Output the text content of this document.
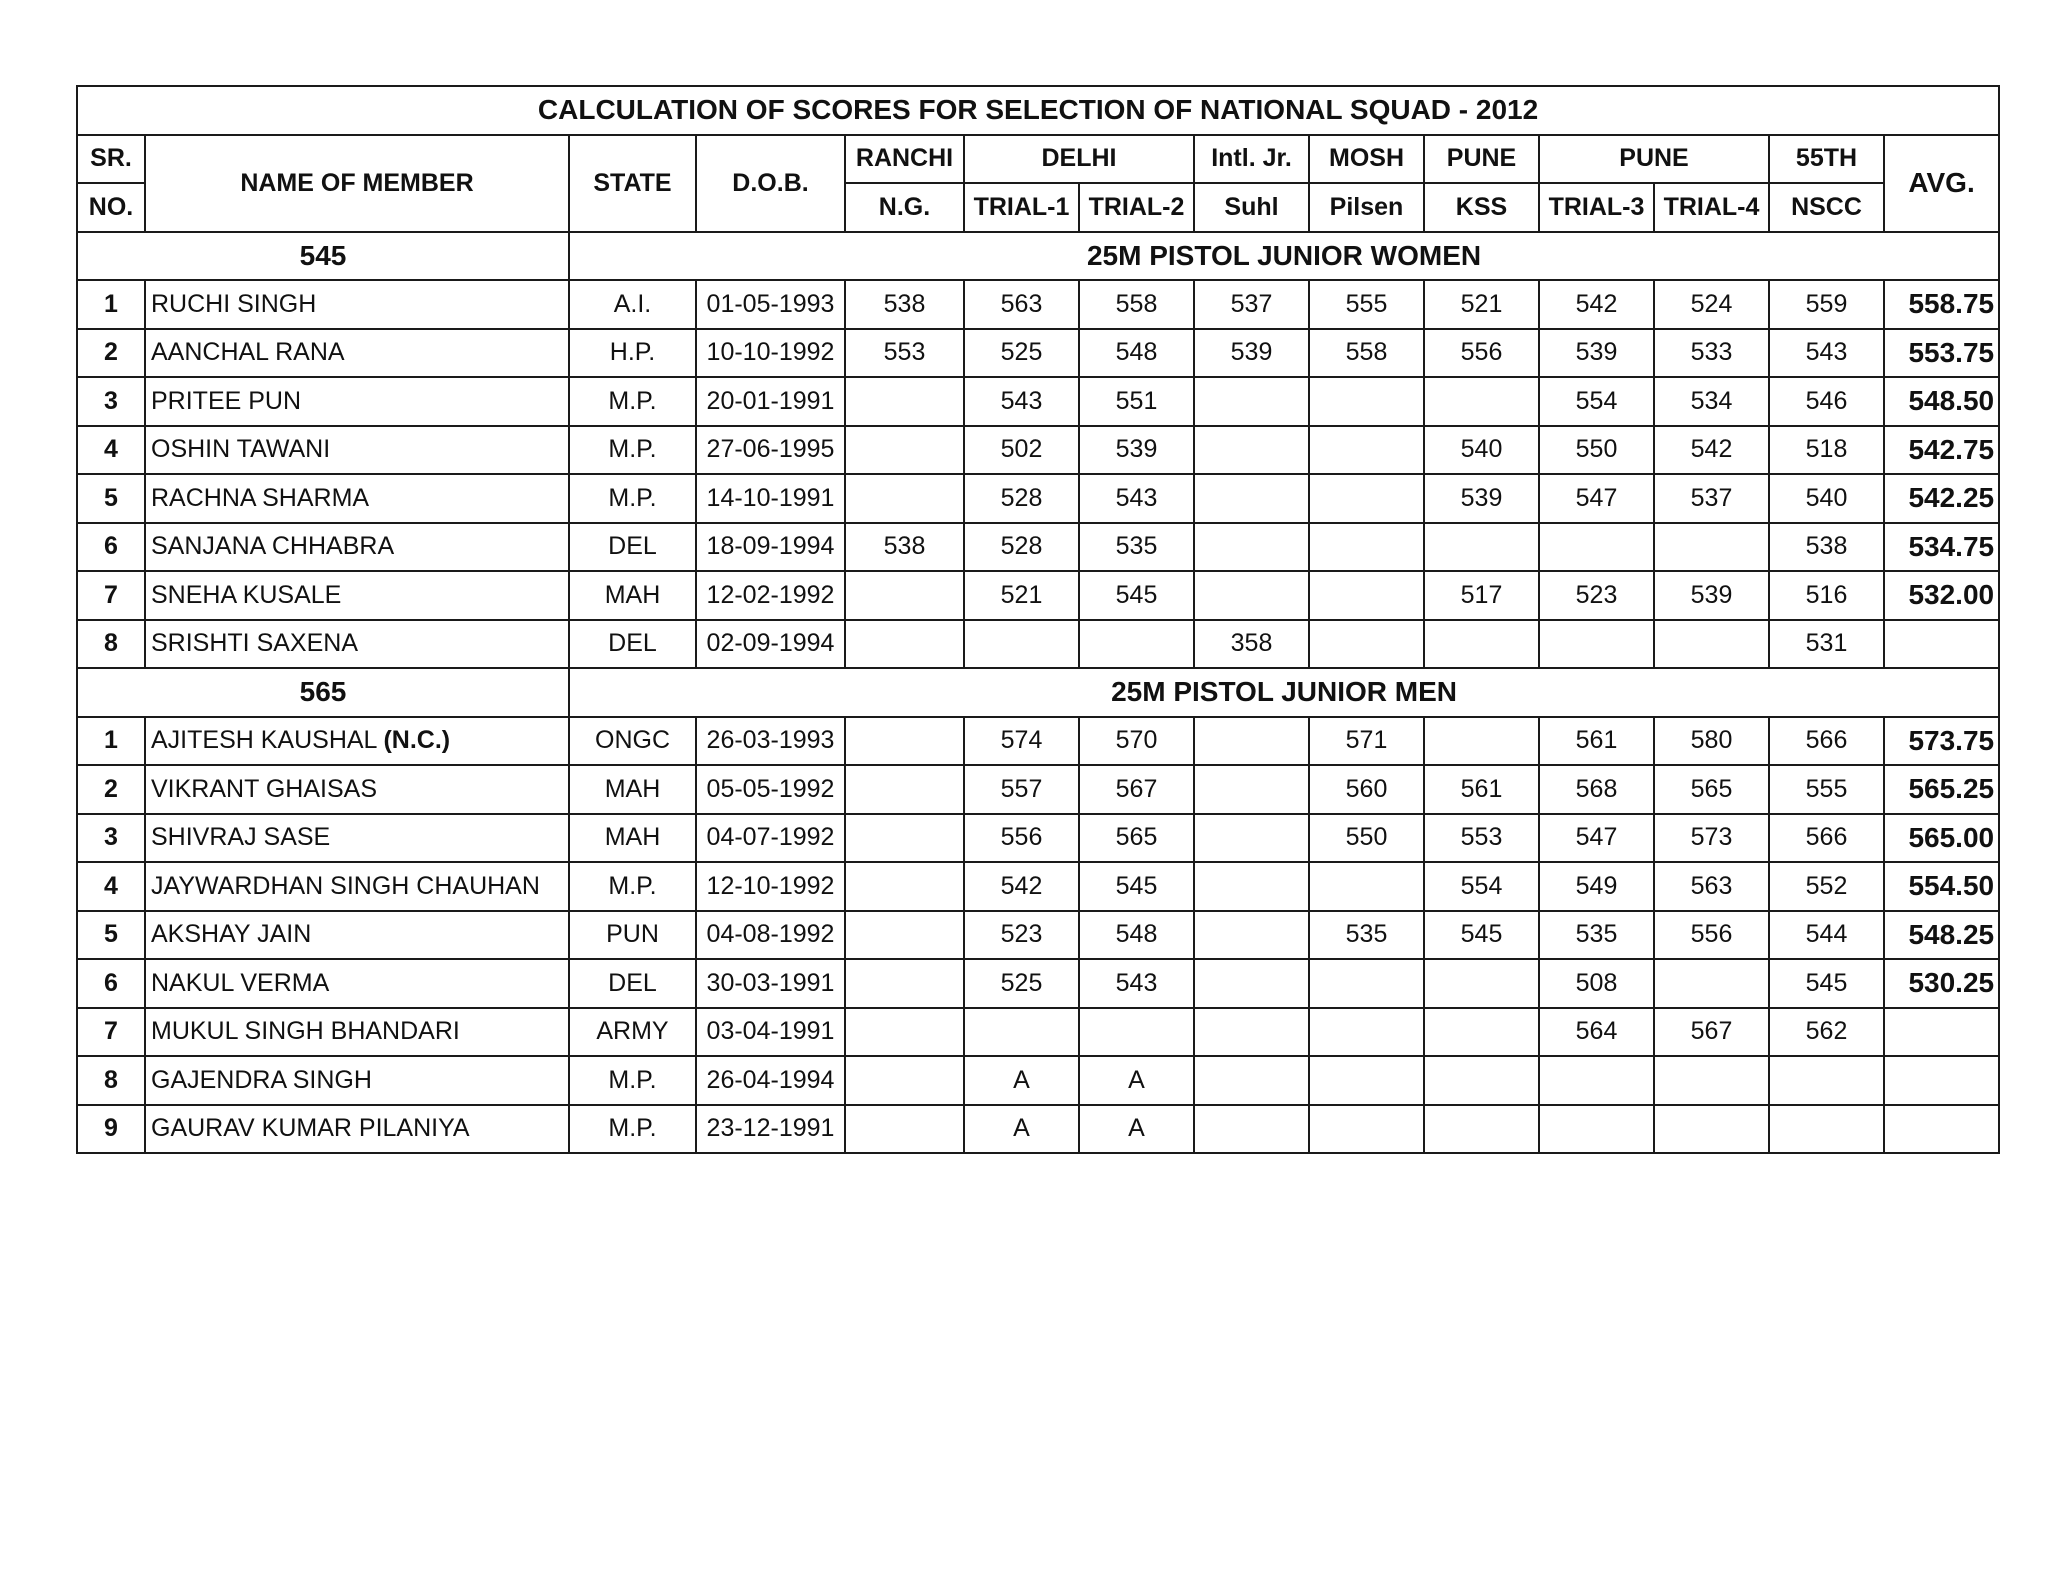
CALCULATION OF SCORES FOR SELECTION OF NATIONAL SQUAD - 2012													
SR.	NAME OF MEMBER	STATE	D.O.B.	RANCHI	DELHI		Intl. Jr.	MOSH	PUNE	PUNE		55TH	AVG.
NO.				N.G.	TRIAL-1	TRIAL-2	Suhl	Pilsen	KSS	TRIAL-3	TRIAL-4	NSCC	
545		25M PISTOL JUNIOR WOMEN											
1	RUCHI SINGH	A.I.	01-05-1993	538	563	558	537	555	521	542	524	559	558.75
2	AANCHAL RANA	H.P.	10-10-1992	553	525	548	539	558	556	539	533	543	553.75
3	PRITEE PUN	M.P.	20-01-1991		543	551				554	534	546	548.50
4	OSHIN TAWANI	M.P.	27-06-1995		502	539			540	550	542	518	542.75
5	RACHNA SHARMA	M.P.	14-10-1991		528	543			539	547	537	540	542.25
6	SANJANA CHHABRA	DEL	18-09-1994	538	528	535						538	534.75
7	SNEHA KUSALE	MAH	12-02-1992		521	545			517	523	539	516	532.00
8	SRISHTI SAXENA	DEL	02-09-1994				358					531	
565		25M PISTOL JUNIOR MEN											
1	AJITESH KAUSHAL (N.C.)	ONGC	26-03-1993		574	570		571		561	580	566	573.75
2	VIKRANT GHAISAS	MAH	05-05-1992		557	567		560	561	568	565	555	565.25
3	SHIVRAJ SASE	MAH	04-07-1992		556	565		550	553	547	573	566	565.00
4	JAYWARDHAN SINGH CHAUHAN	M.P.	12-10-1992		542	545			554	549	563	552	554.50
5	AKSHAY JAIN	PUN	04-08-1992		523	548		535	545	535	556	544	548.25
6	NAKUL VERMA	DEL	30-03-1991		525	543				508		545	530.25
7	MUKUL SINGH BHANDARI	ARMY	03-04-1991							564	567	562	
8	GAJENDRA SINGH	M.P.	26-04-1994		A	A							
9	GAURAV KUMAR PILANIYA	M.P.	23-12-1991		A	A							
